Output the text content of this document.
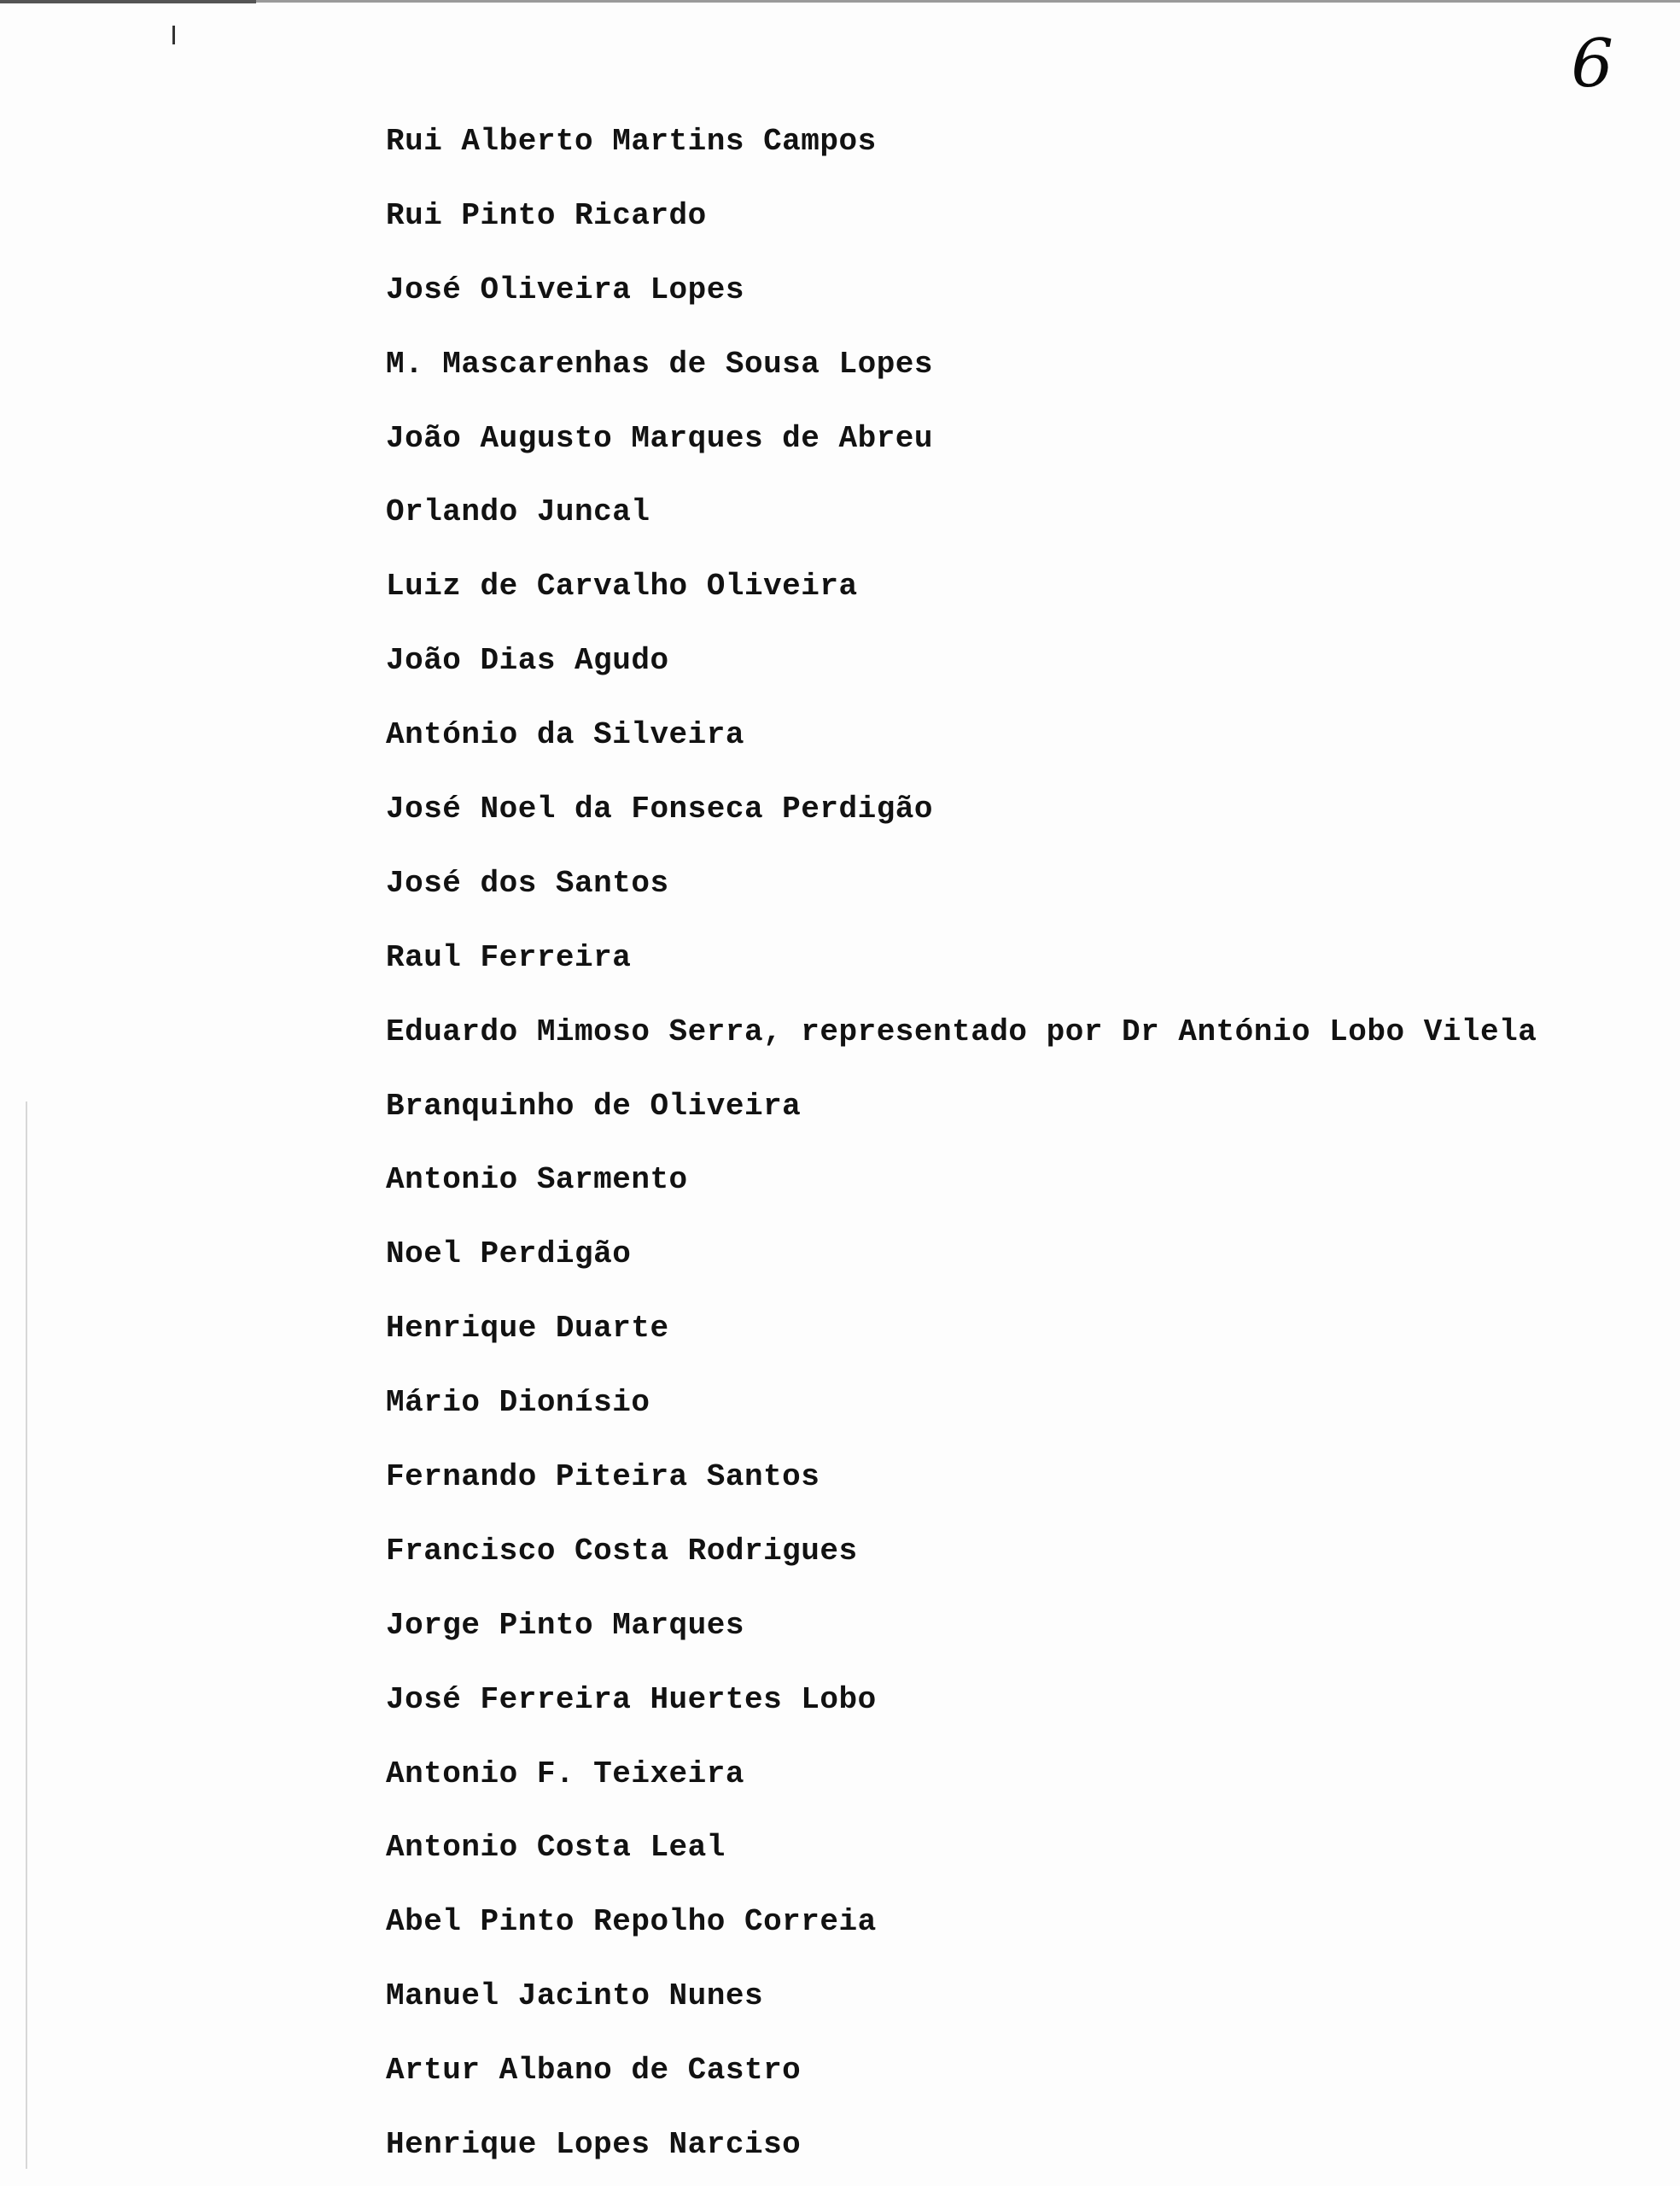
6
Rui Alberto Martins Campos
Rui Pinto Ricardo
José Oliveira Lopes
M. Mascarenhas de Sousa Lopes
João Augusto Marques de Abreu
Orlando Juncal
Luiz de Carvalho Oliveira
João Dias Agudo
António da Silveira
José Noel da Fonseca Perdigão
José dos Santos
Raul Ferreira
Eduardo Mimoso Serra, representado por Dr António Lobo Vilela
Branquinho de Oliveira
Antonio Sarmento
Noel Perdigão
Henrique Duarte
Mário Dionísio
Fernando Piteira Santos
Francisco Costa Rodrigues
Jorge Pinto Marques
José Ferreira Huertes Lobo
Antonio F. Teixeira
Antonio Costa Leal
Abel Pinto Repolho Correia
Manuel Jacinto Nunes
Artur Albano de Castro
Henrique Lopes Narciso
